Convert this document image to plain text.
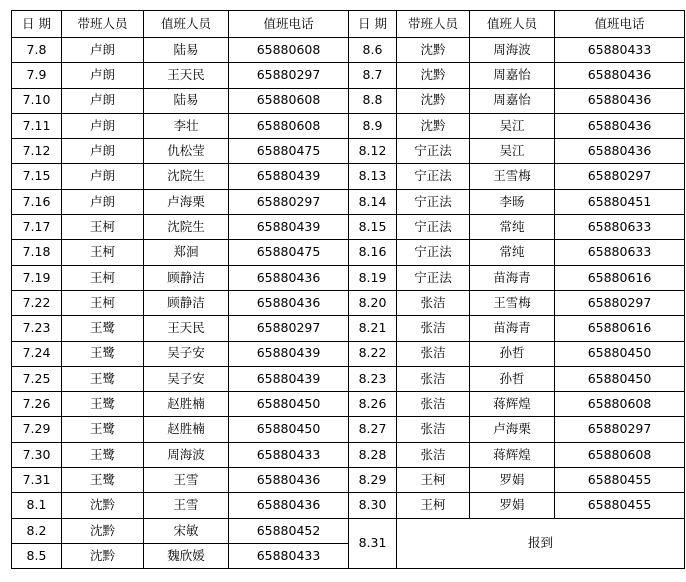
日 期	带班人员	值班人员	值班电话	日 期	带班人员	值班人员	值班电话
7.8	卢朗	陆易	65880608	8.6	沈黔	周海波	65880433
7.9	卢朗	王天民	65880297	8.7	沈黔	周嘉怡	65880436
7.10	卢朗	陆易	65880608	8.8	沈黔	周嘉怡	65880436
7.11	卢朗	李壮	65880608	8.9	沈黔	吴江	65880436
7.12	卢朗	仇松莹	65880475	8.12	宁正法	吴江	65880436
7.15	卢朗	沈院生	65880439	8.13	宁正法	王雪梅	65880297
7.16	卢朗	卢海栗	65880297	8.14	宁正法	李旸	65880451
7.17	王柯	沈院生	65880439	8.15	宁正法	常纯	65880633
7.18	王柯	郑洄	65880475	8.16	宁正法	常纯	65880633
7.19	王柯	顾静洁	65880436	8.19	宁正法	苗海青	65880616
7.22	王柯	顾静洁	65880436	8.20	张洁	王雪梅	65880297
7.23	王鹭	王天民	65880297	8.21	张洁	苗海青	65880616
7.24	王鹭	吴子安	65880439	8.22	张洁	孙哲	65880450
7.25	王鹭	吴子安	65880439	8.23	张洁	孙哲	65880450
7.26	王鹭	赵胜楠	65880450	8.26	张洁	蒋辉煌	65880608
7.29	王鹭	赵胜楠	65880450	8.27	张洁	卢海栗	65880297
7.30	王鹭	周海波	65880433	8.28	张洁	蒋辉煌	65880608
7.31	王鹭	王雪	65880436	8.29	王柯	罗娟	65880455
8.1	沈黔	王雪	65880436	8.30	王柯	罗娟	65880455
8.2	沈黔	宋敏	65880452	8.31	报到		
8.5	沈黔	魏欣媛	65880433				
